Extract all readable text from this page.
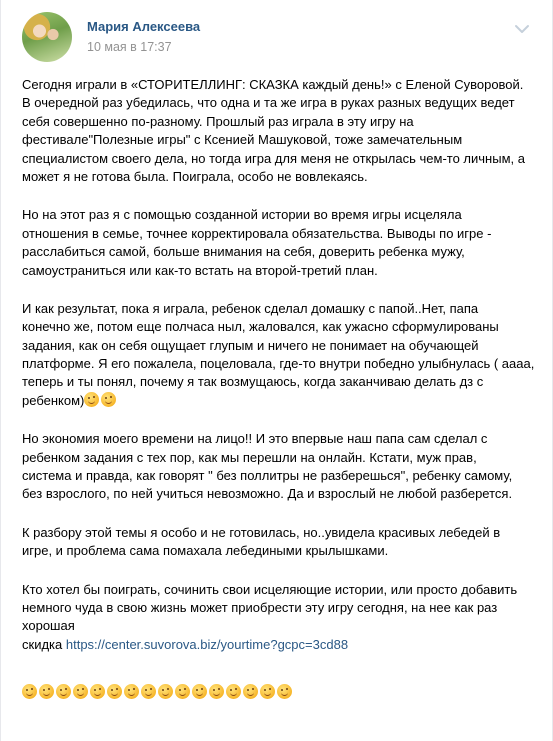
Мария Алексеева
10 мая в 17:37
Сегодня играли в «СТОРИТЕЛЛИНГ: СКАЗКА каждый день!» с Еленой Суворовой.
В очередной раз убедилась, что одна и та же игра в руках разных ведущих ведет
себя совершенно по-разному. Прошлый раз играла в эту игру на
фестивале"Полезные игры" с Ксенией Машуковой, тоже замечательным
специалистом своего дела, но тогда игра для меня не открылась чем-то личным, а
может я не готова была. Поиграла, особо не вовлекаясь.
Но на этот раз я с помощью созданной истории во время игры исцеляла
отношения в семье, точнее корректировала обязательства. Выводы по игре -
расслабиться самой, больше внимания на себя, доверить ребенка мужу,
самоустраниться или как-то встать на второй-третий план.
И как результат, пока я играла, ребенок сделал домашку с папой..Нет, папа
конечно же, потом еще полчаса ныл, жаловался, как ужасно сформулированы
задания, как он себя ощущает глупым и ничего не понимает на обучающей
платформе. Я его пожалела, поцеловала, где-то внутри победно улыбнулась ( аааа,
теперь и ты понял, почему я так возмущаюсь, когда заканчиваю делать дз с
ребенком)
Но экономия моего времени на лицо!! И это впервые наш папа сам сделал с
ребенком задания с тех пор, как мы перешли на онлайн. Кстати, муж прав,
система и правда, как говорят " без поллитры не разберешься", ребенку самому,
без взрослого, по ней учиться невозможно. Да и взрослый не любой разберется.
К разбору этой темы я особо и не готовилась, но..увидела красивых лебедей в
игре, и проблема сама помахала лебедиными крылышками.
Кто хотел бы поиграть, сочинить свои исцеляющие истории, или просто добавить
немного чуда в свою жизнь может приобрести эту игру сегодня, на нее как раз
хорошая
скидка https://center.suvorova.biz/yourtime?gcpc=3cd88
